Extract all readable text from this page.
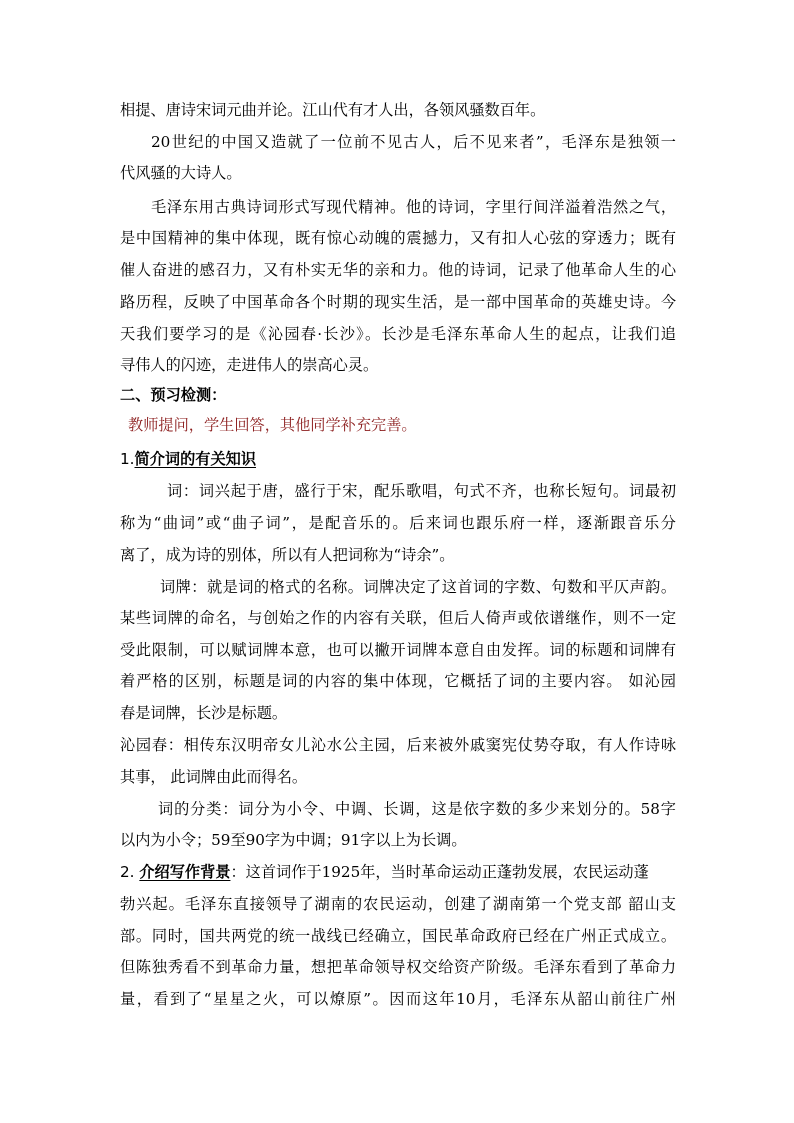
相提、唐诗宋词元曲并论。江山代有才人出，各领风骚数百年。
20世纪的中国又造就了一位前不见古人，后不见来者”，毛泽东是独领一
代风骚的大诗人。
毛泽东用古典诗词形式写现代精神。他的诗词，字里行间洋溢着浩然之气，
是中国精神的集中体现，既有惊心动魄的震撼力，又有扣人心弦的穿透力；既有
催人奋进的感召力，又有朴实无华的亲和力。他的诗词，记录了他革命人生的心
路历程，反映了中国革命各个时期的现实生活，是一部中国革命的英雄史诗。今
天我们要学习的是《沁园春·长沙》。长沙是毛泽东革命人生的起点，让我们追
寻伟人的闪迹，走进伟人的崇高心灵。
二、预习检测：
教师提问，学生回答，其他同学补充完善。
1.简介词的有关知识
词：词兴起于唐，盛行于宋，配乐歌唱，句式不齐，也称长短句。词最初
称为“曲词”或“曲子词”，是配音乐的。后来词也跟乐府一样，逐渐跟音乐分
离了，成为诗的别体，所以有人把词称为“诗余”。
词牌：就是词的格式的名称。词牌决定了这首词的字数、句数和平仄声韵。
某些词牌的命名，与创始之作的内容有关联，但后人倚声或依谱继作，则不一定
受此限制，可以赋词牌本意，也可以撇开词牌本意自由发挥。词的标题和词牌有
着严格的区别，标题是词的内容的集中体现，它概括了词的主要内容。 如沁园
春是词牌，长沙是标题。
沁园春：相传东汉明帝女儿沁水公主园，后来被外戚窦宪仗势夺取，有人作诗咏
其事， 此词牌由此而得名。
词的分类：词分为小令、中调、长调，这是依字数的多少来划分的。58字
以内为小令；59至90字为中调；91字以上为长调。
2. 介绍写作背景：这首词作于1925年，当时革命运动正蓬勃发展，农民运动蓬
勃兴起。毛泽东直接领导了湖南的农民运动，创建了湖南第一个党支部 韶山支
部。同时，国共两党的统一战线已经确立，国民革命政府已经在广州正式成立。
但陈独秀看不到革命力量，想把革命领导权交给资产阶级。毛泽东看到了革命力
量，看到了“星星之火，可以燎原”。因而这年10月，毛泽东从韶山前往广州
